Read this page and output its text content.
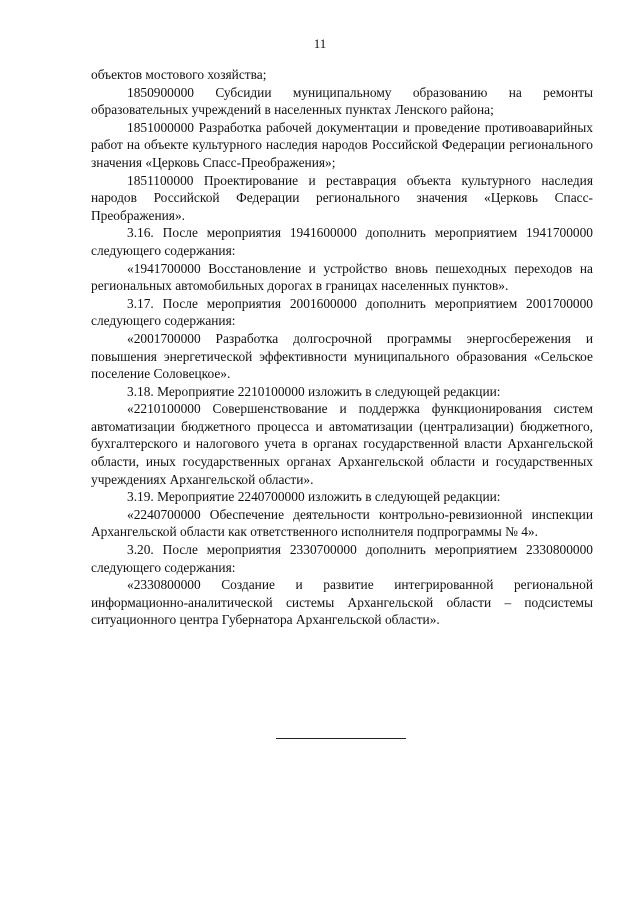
11

объектов мостового хозяйства;

1850900000 Субсидии муниципальному образованию на ремонты образовательных учреждений в населенных пунктах Ленского района;

1851000000 Разработка рабочей документации и проведение противоаварийных работ на объекте культурного наследия народов Российской Федерации регионального значения «Церковь Спасс-Преображения»;

1851100000 Проектирование и реставрация объекта культурного наследия народов Российской Федерации регионального значения «Церковь Спасс-Преображения».

3.16. После мероприятия 1941600000 дополнить мероприятием 1941700000 следующего содержания:

«1941700000 Восстановление и устройство вновь пешеходных переходов на региональных автомобильных дорогах в границах населенных пунктов».

3.17. После мероприятия 2001600000 дополнить мероприятием 2001700000 следующего содержания:

«2001700000 Разработка долгосрочной программы энергосбережения и повышения энергетической эффективности муниципального образования «Сельское поселение Соловецкое».

3.18. Мероприятие 2210100000 изложить в следующей редакции:

«2210100000 Совершенствование и поддержка функционирования систем автоматизации бюджетного процесса и автоматизации (централизации) бюджетного, бухгалтерского и налогового учета в органах государственной власти Архангельской области, иных государственных органах Архангельской области и государственных учреждениях Архангельской области».

3.19. Мероприятие 2240700000 изложить в следующей редакции:

«2240700000 Обеспечение деятельности контрольно-ревизионной инспекции Архангельской области как ответственного исполнителя подпрограммы № 4».

3.20. После мероприятия 2330700000 дополнить мероприятием 2330800000 следующего содержания:

«2330800000 Создание и развитие интегрированной региональной информационно-аналитической системы Архангельской области – подсистемы ситуационного центра Губернатора Архангельской области».
